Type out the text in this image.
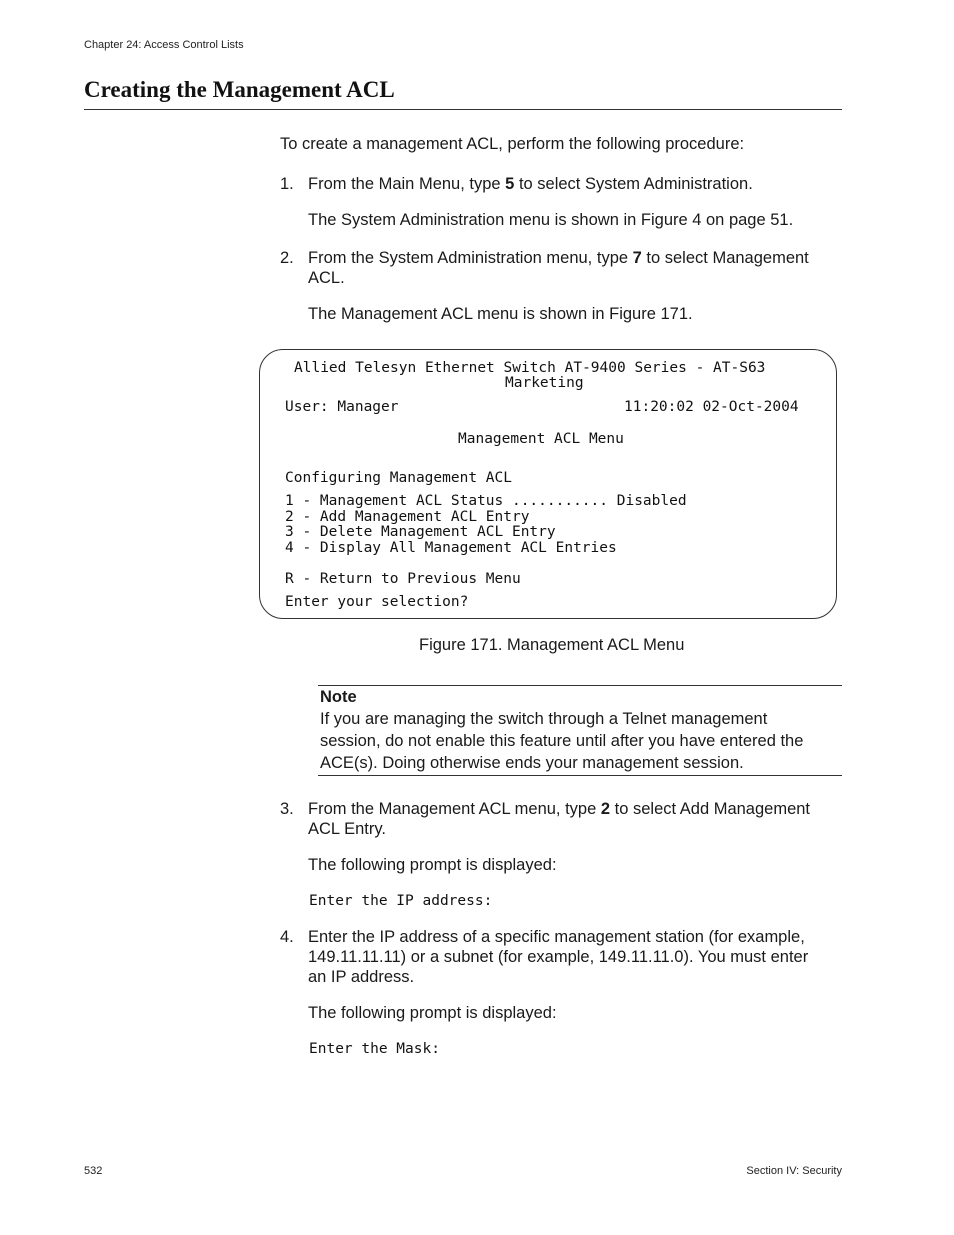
Chapter 24: Access Control Lists
Creating the Management ACL
To create a management ACL, perform the following procedure:
1. From the Main Menu, type 5 to select System Administration.
The System Administration menu is shown in Figure 4 on page 51.
2. From the System Administration menu, type 7 to select Management
ACL.
The Management ACL menu is shown in Figure 171.
Allied Telesyn Ethernet Switch AT-9400 Series - AT-S63
Marketing
User: Manager	11:20:02 02-Oct-2004
Management ACL Menu
Configuring Management ACL
1 - Management ACL Status ........... Disabled
2 - Add Management ACL Entry
3 - Delete Management ACL Entry
4 - Display All Management ACL Entries
R - Return to Previous Menu
Enter your selection?
Figure 171. Management ACL Menu
Note
If you are managing the switch through a Telnet management
session, do not enable this feature until after you have entered the
ACE(s). Doing otherwise ends your management session.
3. From the Management ACL menu, type 2 to select Add Management
ACL Entry.
The following prompt is displayed:
Enter the IP address:
4. Enter the IP address of a specific management station (for example,
149.11.11.11) or a subnet (for example, 149.11.11.0). You must enter
an IP address.
The following prompt is displayed:
Enter the Mask:
532	Section IV: Security
